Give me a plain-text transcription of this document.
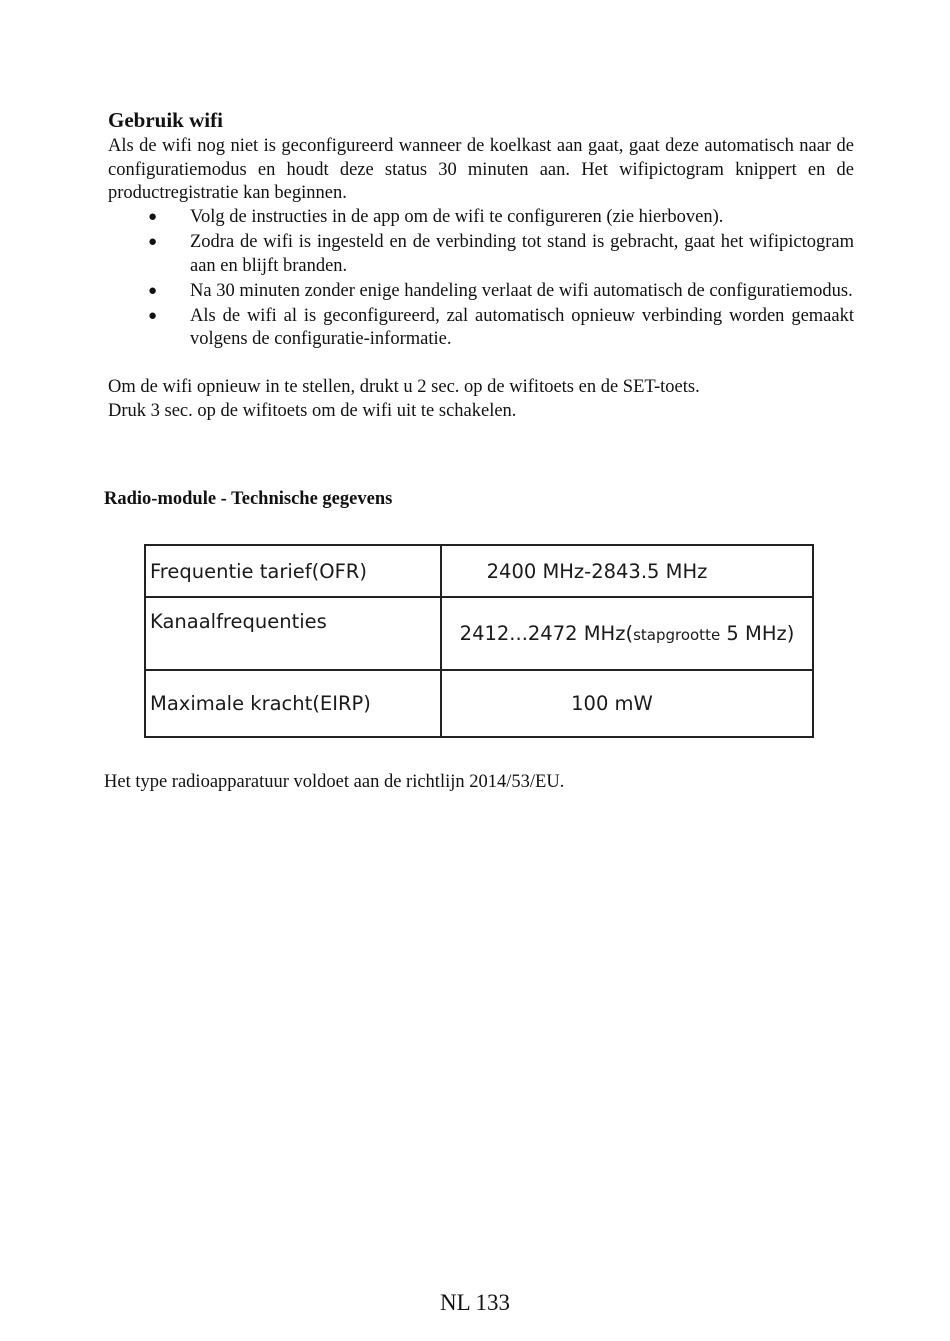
Gebruik wifi

Als de wifi nog niet is geconfigureerd wanneer de koelkast aan gaat, gaat deze automatisch naar de configuratiemodus en houdt deze status 30 minuten aan. Het wifipictogram knippert en de productregistratie kan beginnen.

● Volg de instructies in de app om de wifi te configureren (zie hierboven).
● Zodra de wifi is ingesteld en de verbinding tot stand is gebracht, gaat het wifipictogram aan en blijft branden.
● Na 30 minuten zonder enige handeling verlaat de wifi automatisch de configuratiemodus.
● Als de wifi al is geconfigureerd, zal automatisch opnieuw verbinding worden gemaakt volgens de configuratie-informatie.

Om de wifi opnieuw in te stellen, drukt u 2 sec. op de wifitoets en de SET-toets.

Druk 3 sec. op de wifitoets om de wifi uit te schakelen.

Radio-module - Technische gegevens
Frequentie tarief(OFR)	2400 MHz-2843.5 MHz
Kanaalfrequenties	2412...2472 MHz(stapgrootte 5 MHz)
Maximale kracht(EIRP)	100 mW

Het type radioapparatuur voldoet aan de richtlijn 2014/53/EU.

NL 133
